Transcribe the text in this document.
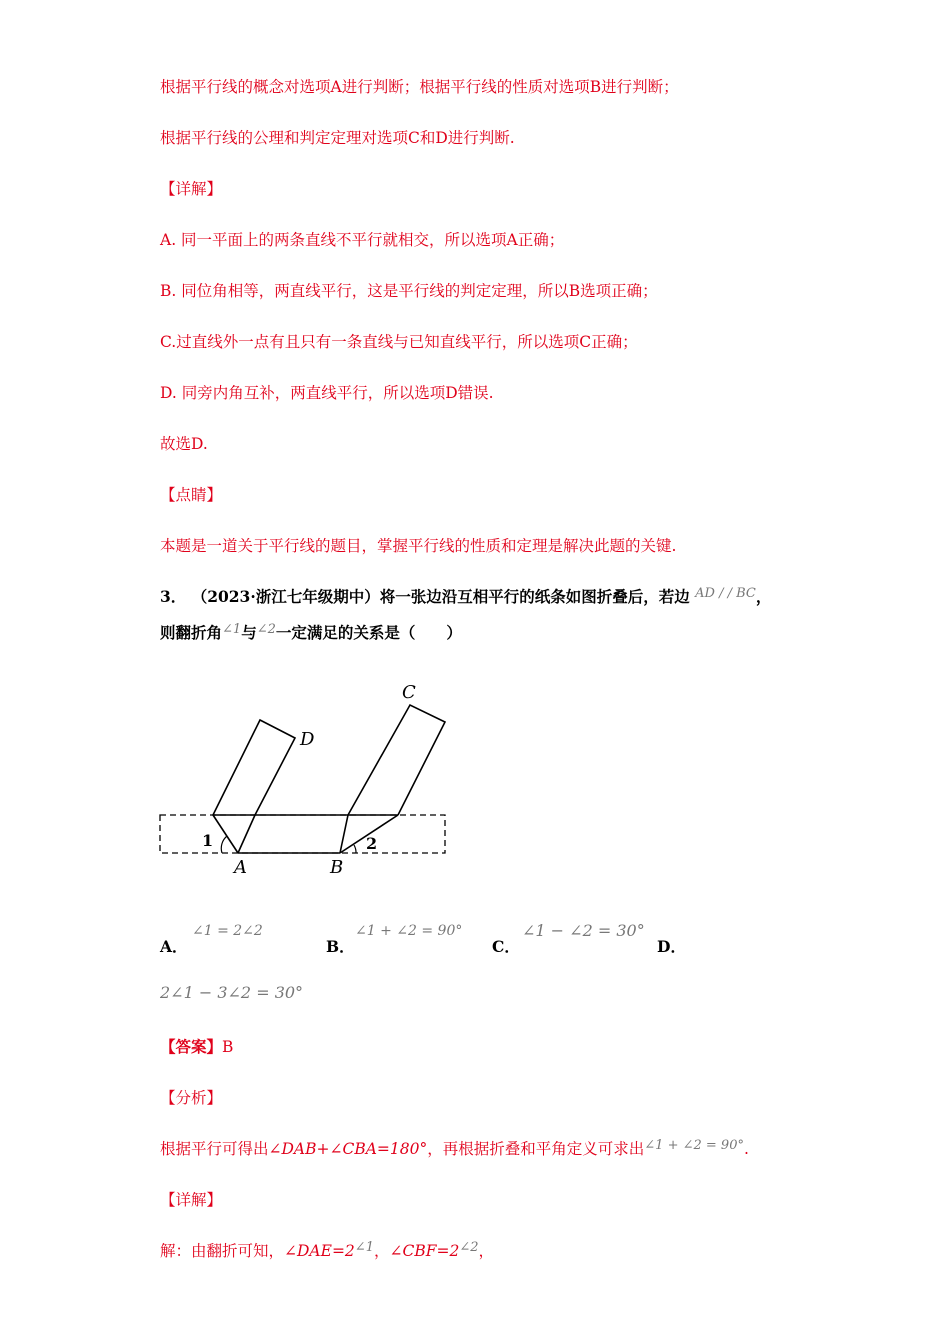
根据平行线的概念对选项A进行判断；根据平行线的性质对选项B进行判断；
根据平行线的公理和判定定理对选项C和D进行判断.
【详解】
A. 同一平面上的两条直线不平行就相交，所以选项A正确；
B. 同位角相等，两直线平行，这是平行线的判定定理，所以B选项正确；
C.过直线外一点有且只有一条直线与已知直线平行，所以选项C正确；
D. 同旁内角互补，两直线平行，所以选项D错误.
故选D.
【点睛】
本题是一道关于平行线的题目，掌握平行线的性质和定理是解决此题的关键.
3． （2023·浙江七年级期中）将一张边沿互相平行的纸条如图折叠后，若边 $^{AD / / BC}$，
则翻折角$^{\angle 1}$与$^{\angle 2}$一定满足的关系是（　　）
C
D
A	B
1	2
A．
∠1 = 2∠2
B．
∠1 + ∠2 = 90°
C．
∠1 − ∠2 = 30°
D．
2∠1 − 3∠2 = 30°
【答案】B
【分析】
根据平行可得出∠DAB+∠CBA=180°，再根据折叠和平角定义可求出$^{\angle 1 + \angle 2 = 90^\circ}$.
【详解】
解：由翻折可知，$\angle DAE=2^{\angle 1}$，$\angle CBF=2^{\angle 2}$，
